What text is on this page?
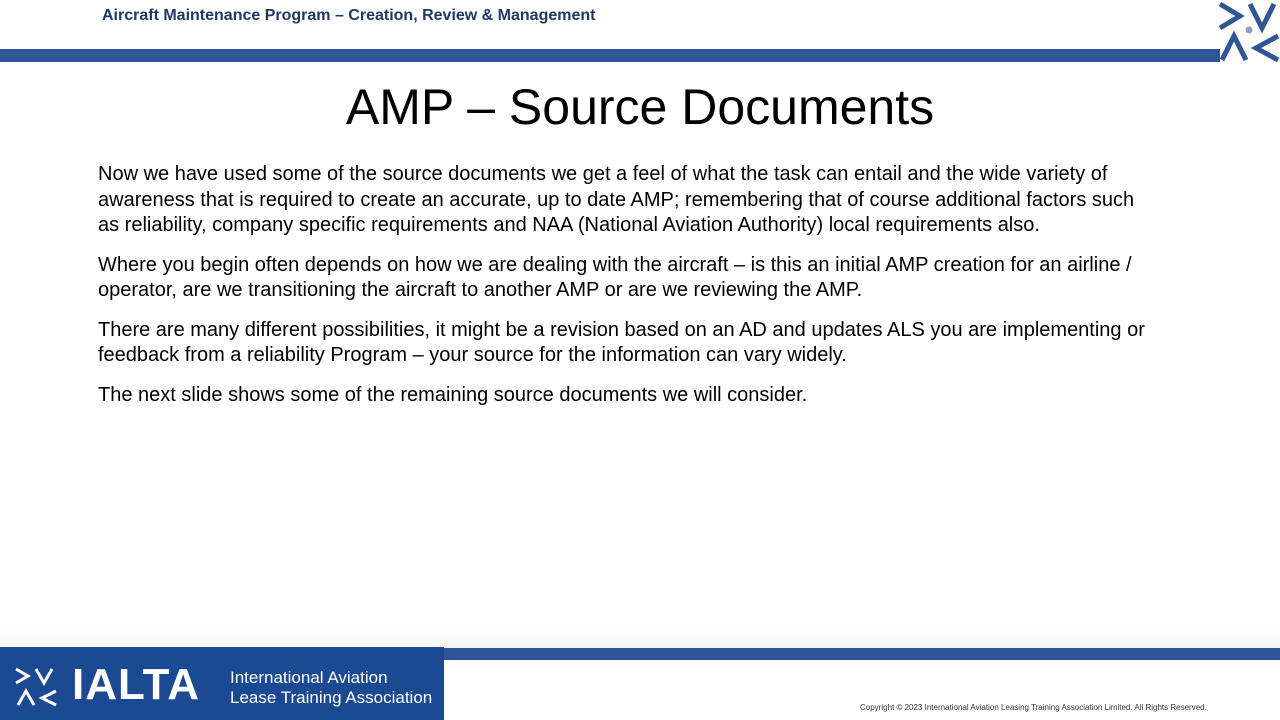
Aircraft Maintenance Program – Creation, Review & Management
AMP – Source Documents

Now we have used some of the source documents we get a feel of what the task can entail and the wide variety of awareness that is required to create an accurate, up to date AMP; remembering that of course additional factors such as reliability, company specific requirements and NAA (National Aviation Authority) local requirements also.

Where you begin often depends on how we are dealing with the aircraft – is this an initial AMP creation for an airline / operator, are we transitioning the aircraft to another AMP or are we reviewing the AMP.

There are many different possibilities, it might be a revision based on an AD and updates ALS you are implementing or feedback from a reliability Program – your source for the information can vary widely.

The next slide shows some of the remaining source documents we will consider.

IALTA International Aviation
Lease Training Association
Copyright © 2023 International Aviation Leasing Training Association Limited. All Rights Reserved.
